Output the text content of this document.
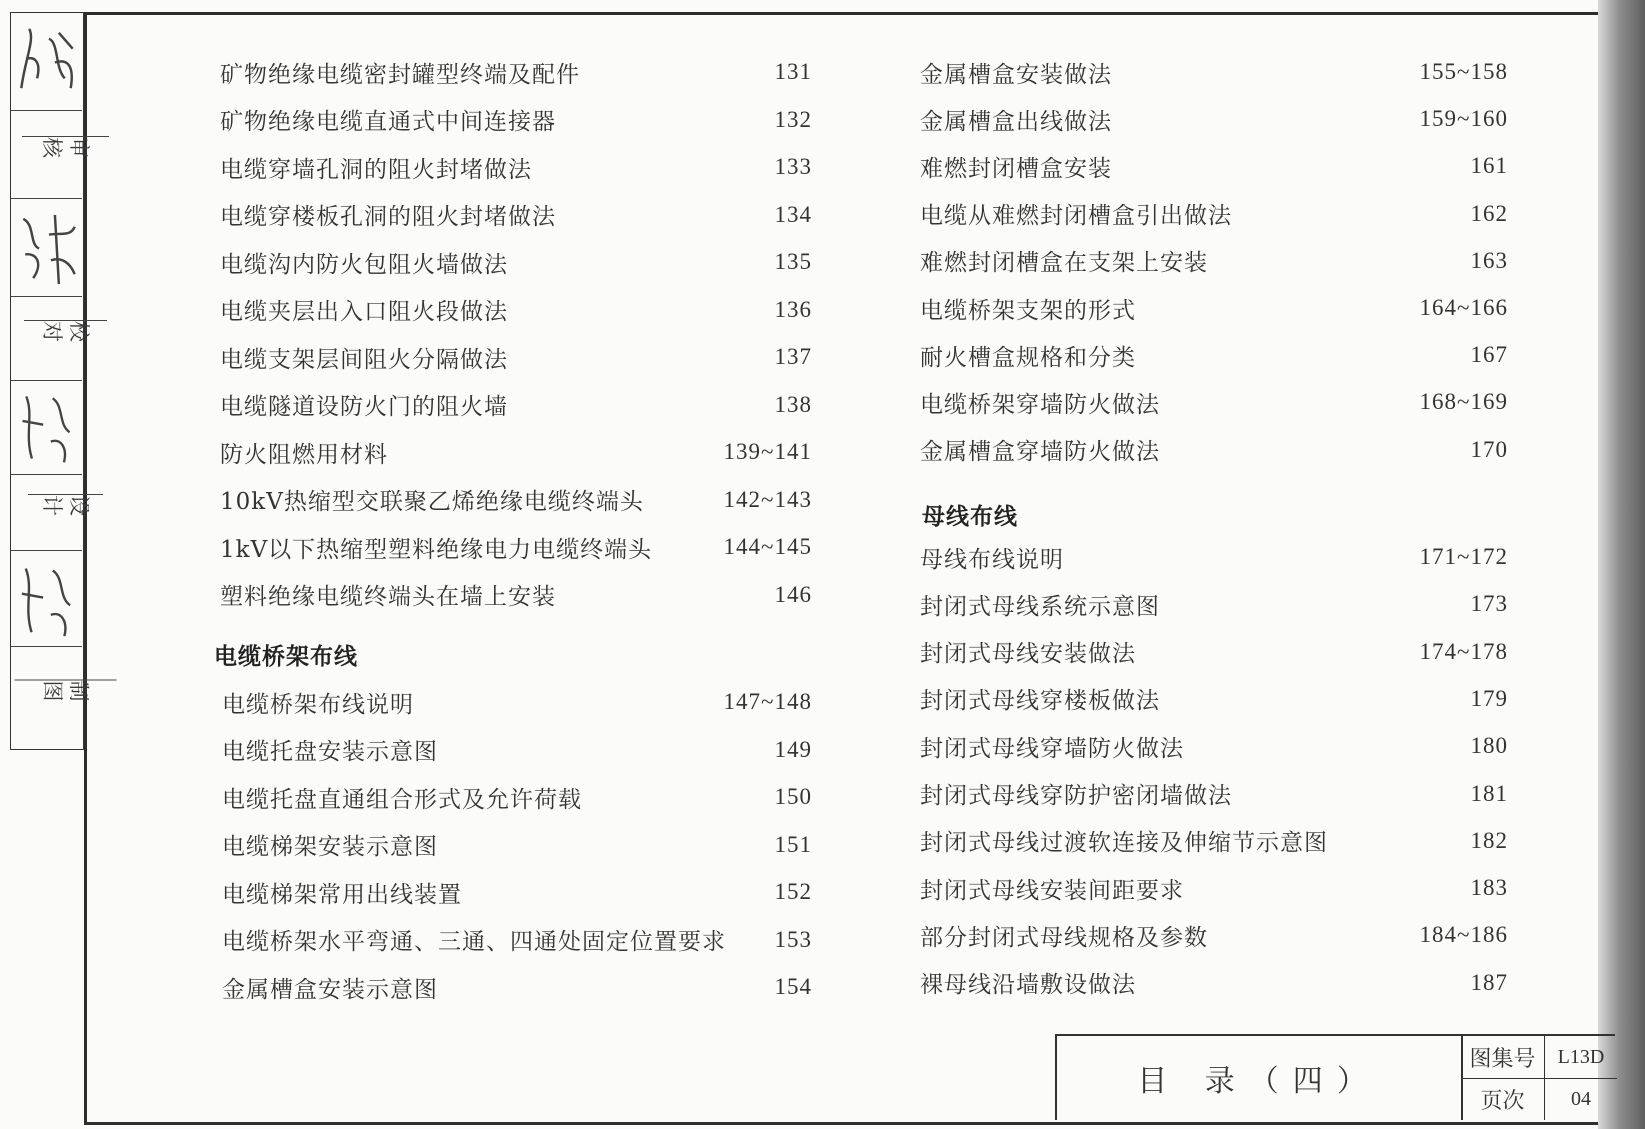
审核
校对
设计
制图
矿物绝缘电缆密封罐型终端及配件	131
矿物绝缘电缆直通式中间连接器	132
电缆穿墙孔洞的阻火封堵做法	133
电缆穿楼板孔洞的阻火封堵做法	134
电缆沟内防火包阻火墙做法	135
电缆夹层出入口阻火段做法	136
电缆支架层间阻火分隔做法	137
电缆隧道设防火门的阻火墙	138
防火阻燃用材料	139~141
10kV热缩型交联聚乙烯绝缘电缆终端头	142~143
1kV以下热缩型塑料绝缘电力电缆终端头	144~145
塑料绝缘电缆终端头在墙上安装	146
电缆桥架布线
电缆桥架布线说明	147~148
电缆托盘安装示意图	149
电缆托盘直通组合形式及允许荷载	150
电缆梯架安装示意图	151
电缆梯架常用出线装置	152
电缆桥架水平弯通、三通、四通处固定位置要求 153
金属槽盒安装示意图	154
金属槽盒安装做法	155~158
金属槽盒出线做法	159~160
难燃封闭槽盒安装	161
电缆从难燃封闭槽盒引出做法	162
难燃封闭槽盒在支架上安装	163
电缆桥架支架的形式	164~166
耐火槽盒规格和分类	167
电缆桥架穿墙防火做法	168~169
金属槽盒穿墙防火做法	170
母线布线
母线布线说明	171~172
封闭式母线系统示意图	173
封闭式母线安装做法	174~178
封闭式母线穿楼板做法	179
封闭式母线穿墙防火做法	180
封闭式母线穿防护密闭墙做法	181
封闭式母线过渡软连接及伸缩节示意图	182
封闭式母线安装间距要求	183
部分封闭式母线规格及参数	184~186
裸母线沿墙敷设做法	187
目 录（四）
图集号	L13D
页次	04
